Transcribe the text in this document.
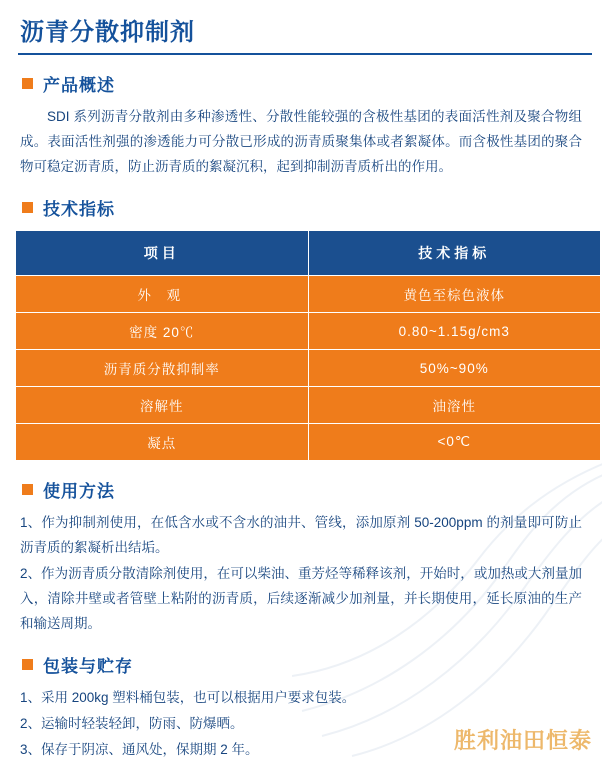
胜利油田恒泰
沥青分散抑制剂
产品概述

SDI 系列沥青分散剂由多种渗透性、分散性能较强的含极性基团的表面活性剂及聚合物组成。表面活性剂强的渗透能力可分散已形成的沥青质聚集体或者絮凝体。而含极性基团的聚合物可稳定沥青质，防止沥青质的絮凝沉积，起到抑制沥青质析出的作用。

技术指标
项目	技术指标
外 观	黄色至棕色液体
密度 20℃	0.80~1.15g/cm3
沥青质分散抑制率	50%~90%
溶解性	油溶性
凝点	<0℃
使用方法
1、作为抑制剂使用，在低含水或不含水的油井、管线，添加原剂 50-200ppm 的剂量即可防止沥青质的絮凝析出结垢。
2、作为沥青质分散清除剂使用，在可以柴油、重芳烃等稀释该剂，开始时，或加热或大剂量加入，清除井壁或者管壁上粘附的沥青质，后续逐渐减少加剂量，并长期使用，延长原油的生产和输送周期。
包装与贮存
1、采用 200kg 塑料桶包装，也可以根据用户要求包装。
2、运输时轻装轻卸，防雨、防爆晒。
3、保存于阴凉、通风处，保期期 2 年。
